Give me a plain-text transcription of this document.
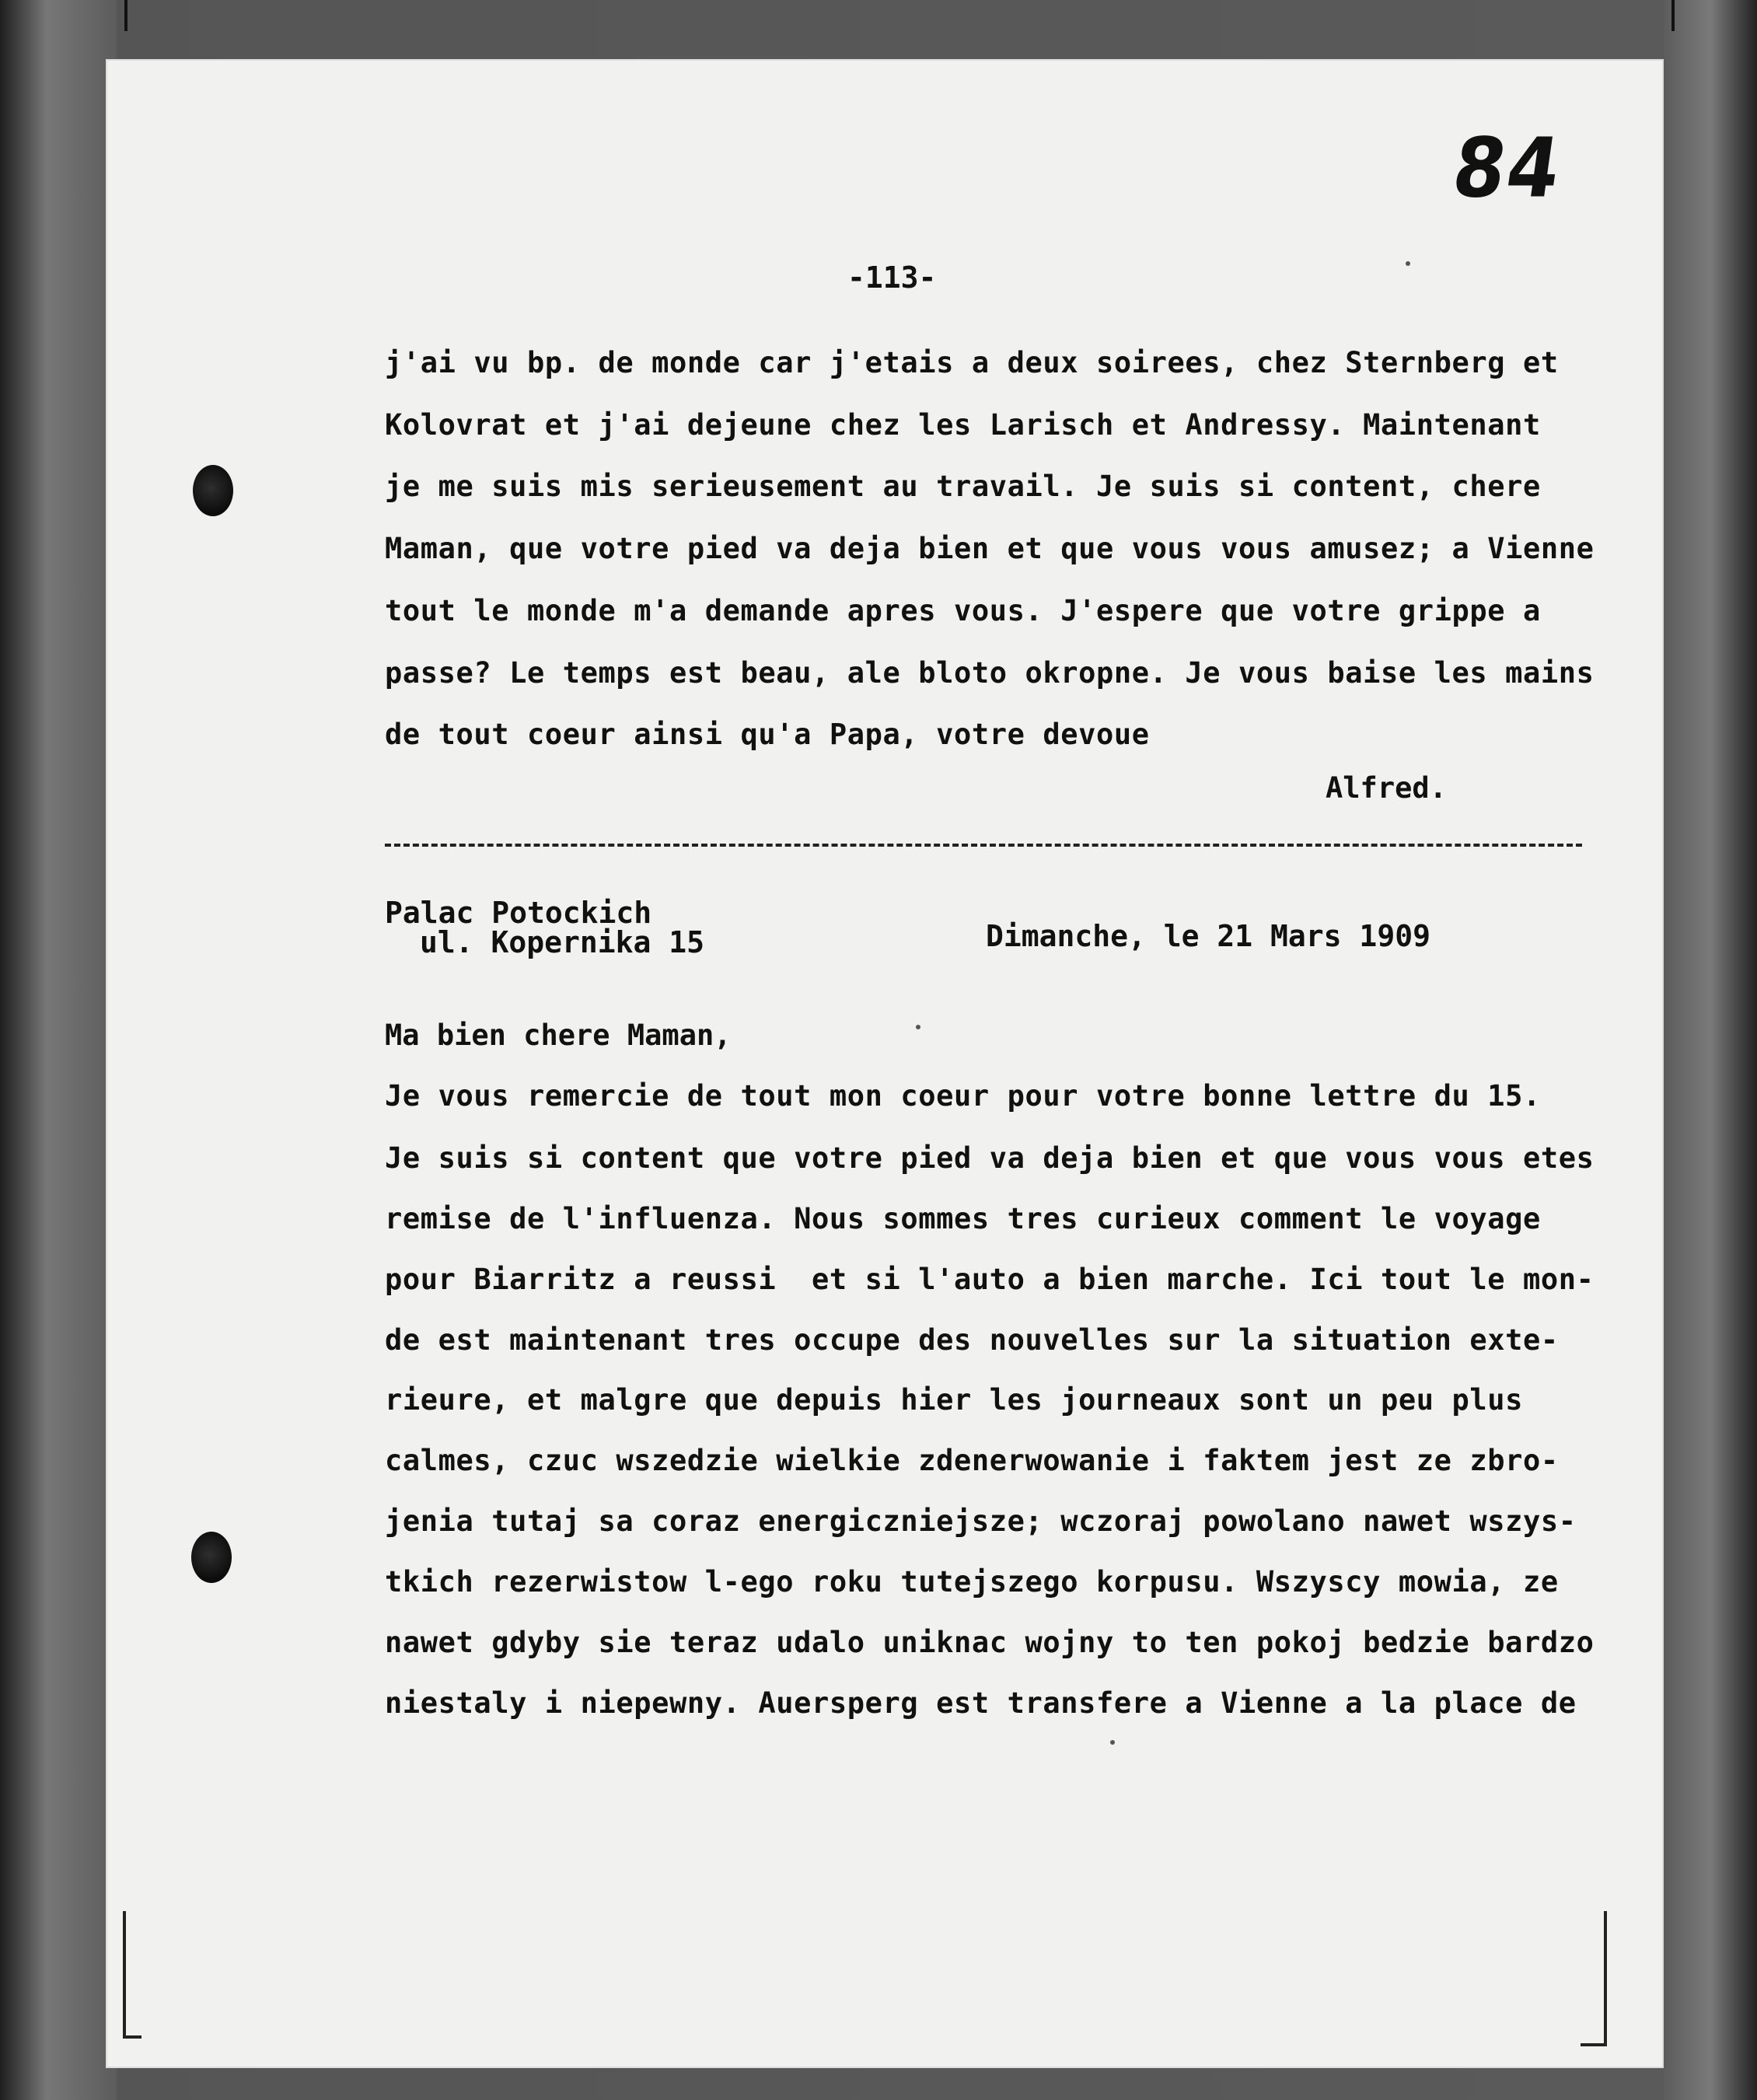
84
-113-
j'ai vu bp. de monde car j'etais a deux soirees, chez Sternberg et
Kolovrat et j'ai dejeune chez les Larisch et Andressy. Maintenant
je me suis mis serieusement au travail. Je suis si content, chere
Maman, que votre pied va deja bien et que vous vous amusez; a Vienne
tout le monde m'a demande apres vous. J'espere que votre grippe a
passe? Le temps est beau, ale bloto okropne. Je vous baise les mains
de tout coeur ainsi qu'a Papa, votre devoue
Alfred.
Palac Potockich
ul. Kopernika 15	Dimanche, le 21 Mars 1909
Ma bien chere Maman,
Je vous remercie de tout mon coeur pour votre bonne lettre du 15.
Je suis si content que votre pied va deja bien et que vous vous etes
remise de l'influenza. Nous sommes tres curieux comment le voyage
pour Biarritz a reussi  et si l'auto a bien marche. Ici tout le mon-
de est maintenant tres occupe des nouvelles sur la situation exte-
rieure, et malgre que depuis hier les journeaux sont un peu plus
calmes, czuc wszedzie wielkie zdenerwowanie i faktem jest ze zbro-
jenia tutaj sa coraz energiczniejsze; wczoraj powolano nawet wszys-
tkich rezerwistow l-ego roku tutejszego korpusu. Wszyscy mowia, ze
nawet gdyby sie teraz udalo uniknac wojny to ten pokoj bedzie bardzo
niestaly i niepewny. Auersperg est transfere a Vienne a la place de
